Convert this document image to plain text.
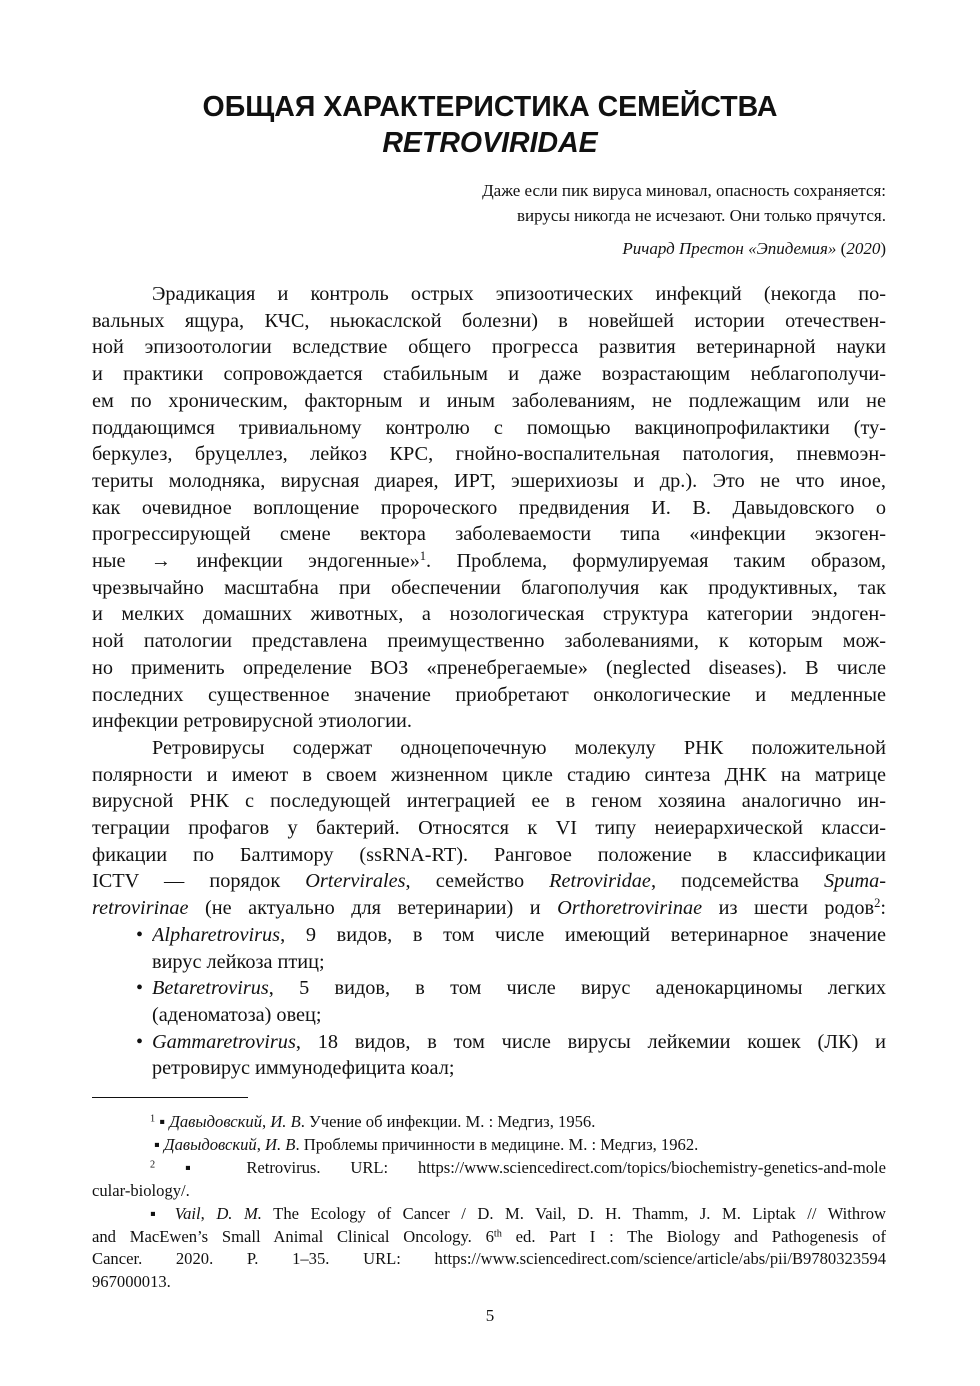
ОБЩАЯ ХАРАКТЕРИСТИКА СЕМЕЙСТВА
RETROVIRIDAE
Даже если пик вируса миновал, опасность сохраняется:
вирусы никогда не исчезают. Они только прячутся.
Ричард Престон «Эпидемия» (2020)
Эрадикация и контроль острых эпизоотических инфекций (некогда по-
вальных ящура, КЧС, ньюкаслской болезни) в новейшей истории отечествен-
ной эпизоотологии вследствие общего прогресса развития ветеринарной науки
и практики сопровождается стабильным и даже возрастающим неблагополучи-
ем по хроническим, факторным и иным заболеваниям, не подлежащим или не
поддающимся тривиальному контролю с помощью вакцинопрофилактики (ту-
беркулез, бруцеллез, лейкоз КРС, гнойно-воспалительная патология, пневмоэн-
териты молодняка, вирусная диарея, ИРТ, эшерихиозы и др.). Это не что иное,
как очевидное воплощение пророческого предвидения И. В. Давыдовского о
прогрессирующей смене вектора заболеваемости типа «инфекции экзоген-
ные → инфекции эндогенные»$^1$. Проблема, формулируемая таким образом,
чрезвычайно масштабна при обеспечении благополучия как продуктивных, так
и мелких домашних животных, а нозологическая структура категории эндоген-
ной патологии представлена преимущественно заболеваниями, к которым мож-
но применить определение ВОЗ «пренебрегаемые» (neglected diseases). В числе
последних существенное значение приобретают онкологические и медленные
инфекции ретровирусной этиологии.
Ретровирусы содержат одноцепочечную молекулу РНК положительной
полярности и имеют в своем жизненном цикле стадию синтеза ДНК на матрице
вирусной РНК с последующей интеграцией ее в геном хозяина аналогично ин-
теграции профагов у бактерий. Относятся к VI типу неиерархической класси-
фикации по Балтимору (ssRNA-RT). Ранговое положение в классификации
ICTV — порядок Ortervirales, семейство Retroviridae, подсемейства Spuma-
retrovirinae (не актуально для ветеринарии) и Orthoretrovirinae из шести родов$^2$:
Alpharetrovirus, 9 видов, в том числе имеющий ветеринарное значение
•
вирус лейкоза птиц;
Betaretrovirus, 5 видов, в том числе вирус аденокарциномы легких
•
(аденоматоза) овец;
Gammaretrovirus, 18 видов, в том числе вирусы лейкемии кошек (ЛК) и
•
ретровирус иммунодефицита коал;
$^1$ ▪ Давыдовский, И. В. Учение об инфекции. М. : Медгиз, 1956.
▪ Давыдовский, И. В. Проблемы причинности в медицине. М. : Медгиз, 1962.
$^2$ ▪ Retrovirus. URL: https://www.sciencedirect.com/topics/biochemistry-genetics-and-mole
cular-biology/.
▪ Vail, D. M. The Ecology of Cancer / D. M. Vail, D. H. Thamm, J. M. Liptak // Withrow
and MacEwen’s Small Animal Clinical Oncology. 6th ed. Part I : The Biology and Pathogenesis of
Cancer. 2020. P. 1–35. URL: https://www.sciencedirect.com/science/article/abs/pii/B9780323594
967000013.
5
